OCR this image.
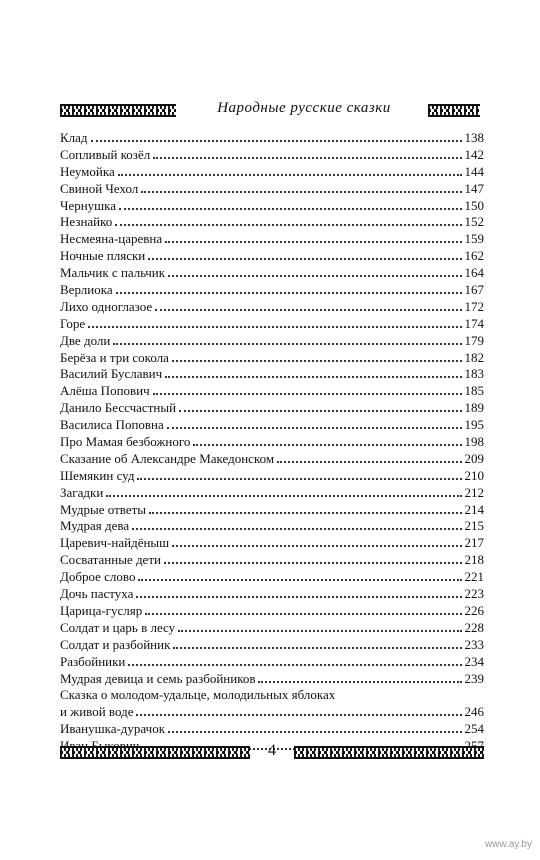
Народные русские сказки
Клад	138
Сопливый козёл	142
Неумойка	144
Свиной Чехол	147
Чернушка	150
Незнайко	152
Несмеяна-царевна	159
Ночные пляски	162
Мальчик с пальчик	164
Верлиока	167
Лихо одноглазое	172
Горе	174
Две доли	179
Берёза и три сокола	182
Василий Буславич	183
Алёша Попович	185
Данило Бессчастный	189
Василиса Поповна	195
Про Мамая безбожного	198
Сказание об Александре Македонском	209
Шемякин суд	210
Загадки	212
Мудрые ответы	214
Мудрая дева	215
Царевич-найдёныш	217
Сосватанные дети	218
Доброе слово	221
Дочь пастуха	223
Царица-гусляр	226
Солдат и царь в лесу	228
Солдат и разбойник	233
Разбойники	234
Мудрая девица и семь разбойников	239
Сказка о молодом-удальце, молодильных яблоках
и живой воде	246
Иванушка-дурачок	254
4
www.ay.by
